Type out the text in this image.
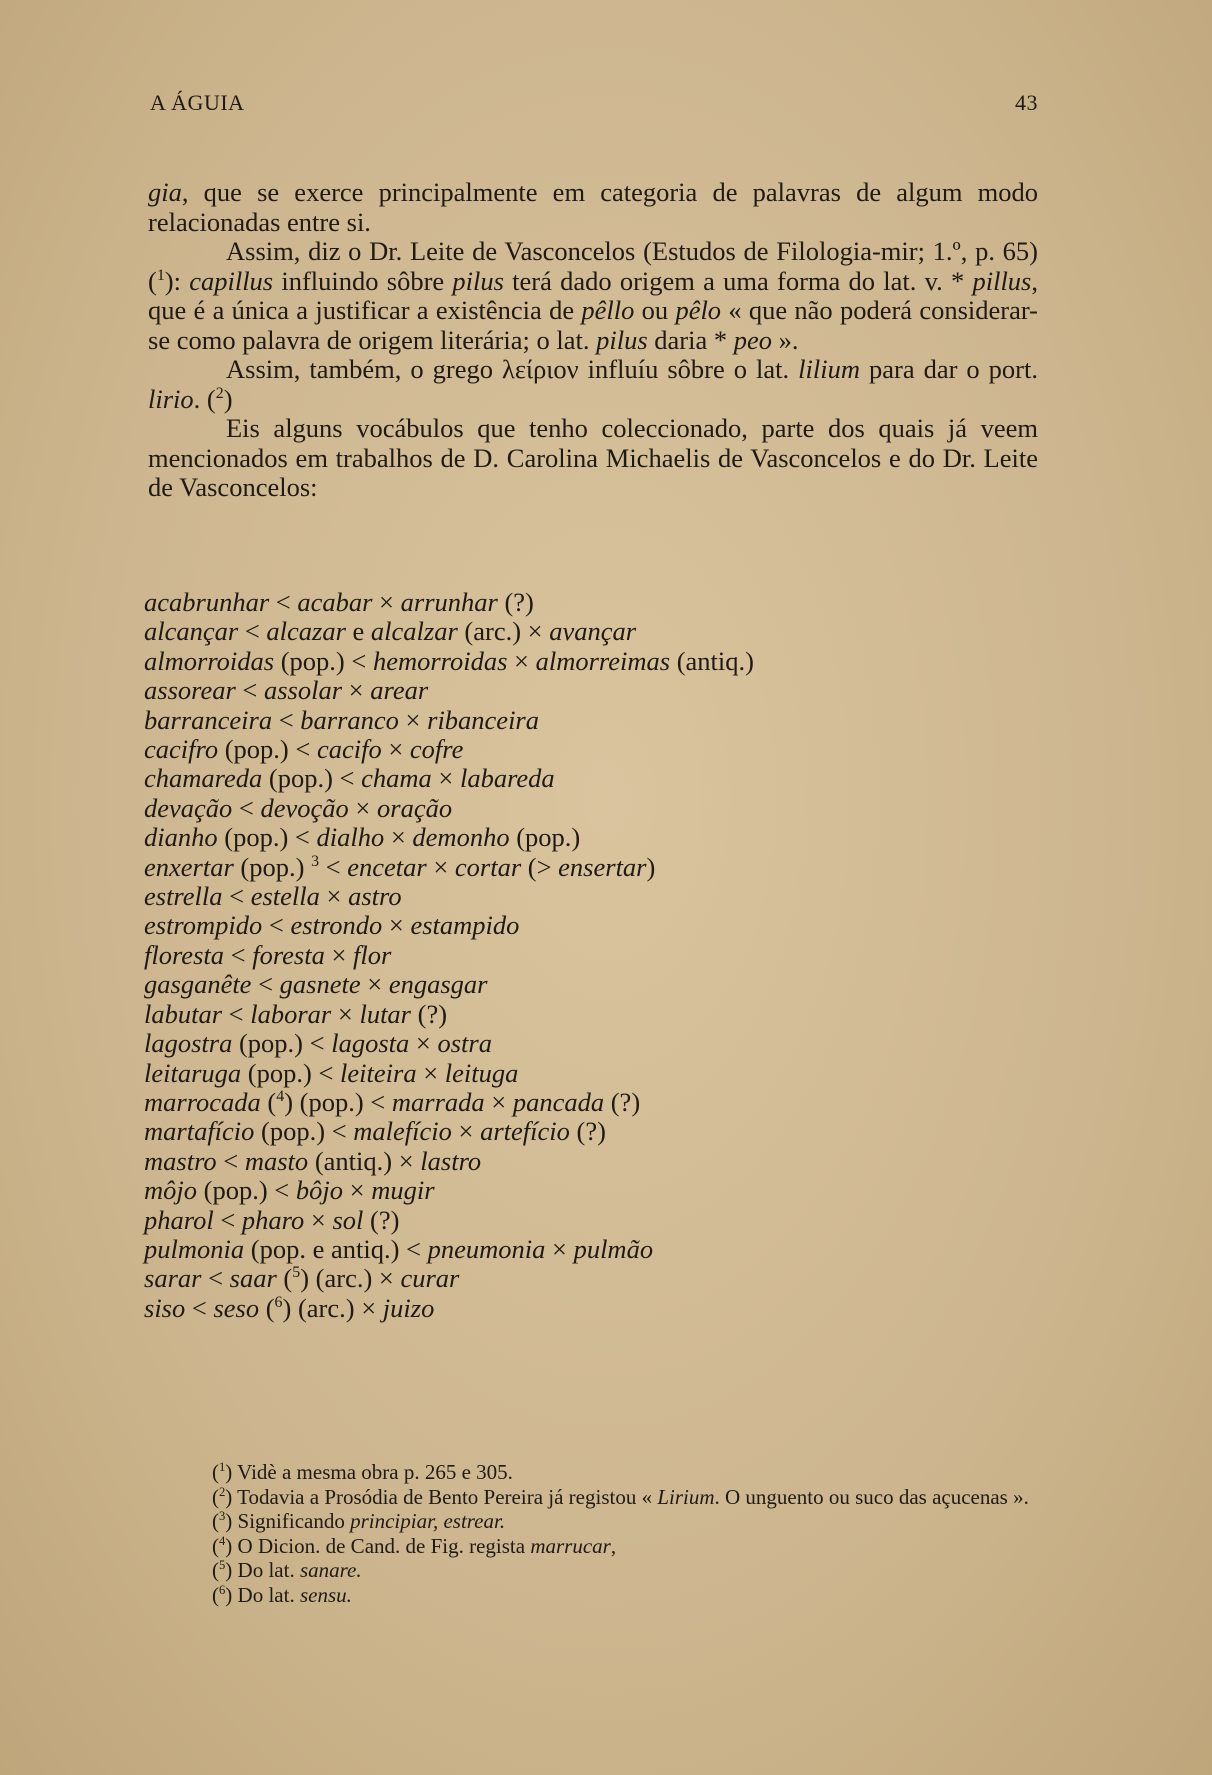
A ÁGUIA	43

gia, que se exerce principalmente em categoria de palavras de algum modo relacionadas entre si.

Assim, diz o Dr. Leite de Vasconcelos (Estudos de Filologia-mir; 1.º, p. 65) ($^1$): capillus influindo sôbre pilus terá dado origem a uma forma do lat. v. * pillus, que é a única a justificar a existência de pêllo ou pêlo « que não poderá considerar-se como palavra de origem literária; o lat. pilus daria * peo ».

Assim, também, o grego λείριον influíu sôbre o lat. lilium para dar o port. lirio. ($^2$)

Eis alguns vocábulos que tenho coleccionado, parte dos quais já veem mencionados em trabalhos de D. Carolina Michaelis de Vasconcelos e do Dr. Leite de Vasconcelos:

acabrunhar < acabar × arrunhar (?)
alcançar < alcazar e alcalzar (arc.) × avançar
almorroidas (pop.) < hemorroidas × almorreimas (antiq.)
assorear < assolar × arear
barranceira < barranco × ribanceira
cacifro (pop.) < cacifo × cofre
chamareda (pop.) < chama × labareda
devação < devoção × oração
dianho (pop.) < dialho × demonho (pop.)
enxertar (pop.) $^3$ < encetar × cortar (> ensertar)
estrella < estella × astro
estrompido < estrondo × estampido
floresta < foresta × flor
gasganête < gasnete × engasgar
labutar < laborar × lutar (?)
lagostra (pop.) < lagosta × ostra
leitaruga (pop.) < leiteira × leituga
marrocada ($^4$) (pop.) < marrada × pancada (?)
martafício (pop.) < malefício × artefício (?)
mastro < masto (antiq.) × lastro
môjo (pop.) < bôjo × mugir
pharol < pharo × sol (?)
pulmonia (pop. e antiq.) < pneumonia × pulmão
sarar < saar ($^5$) (arc.) × curar
siso < seso ($^6$) (arc.) × juizo

($^1$) Vidè a mesma obra p. 265 e 305.

($^2$) Todavia a Prosódia de Bento Pereira já registou « Lirium. O unguento ou suco das açucenas ».

($^3$) Significando principiar, estrear.

($^4$) O Dicion. de Cand. de Fig. regista marrucar,

($^5$) Do lat. sanare.

($^6$) Do lat. sensu.
